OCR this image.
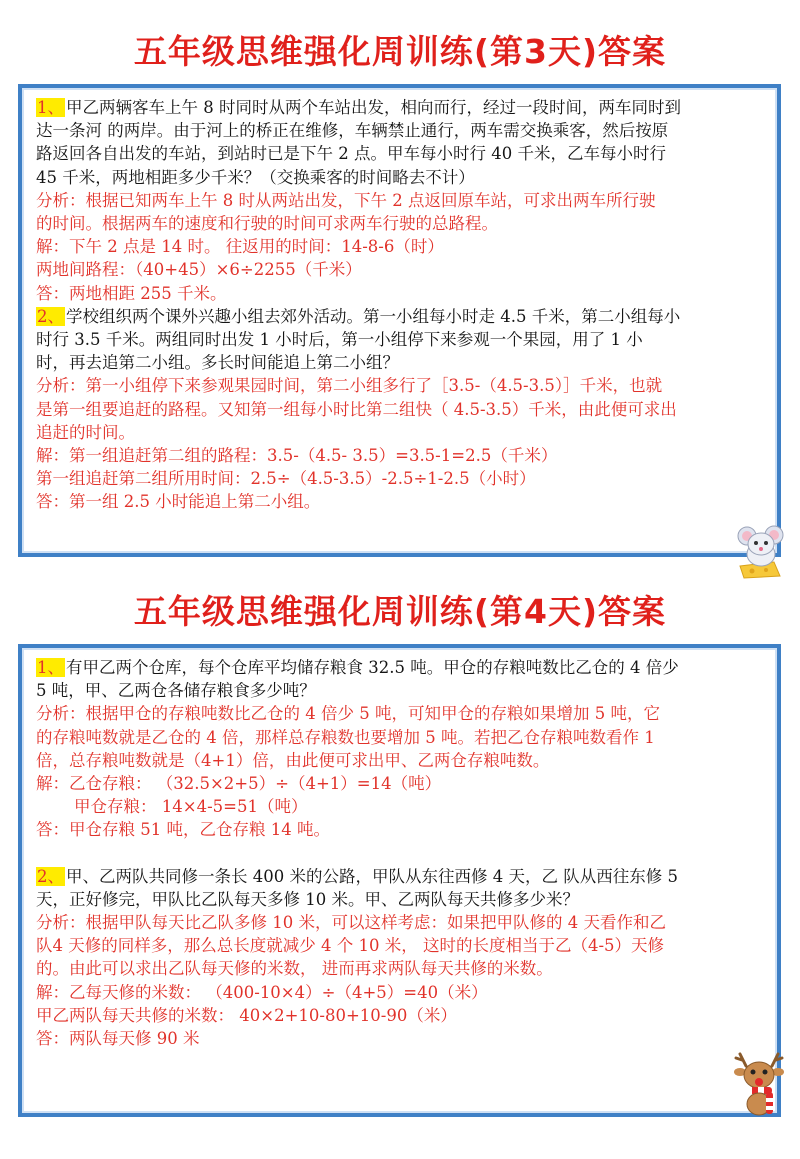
五年级思维强化周训练(第3天)答案
1、 甲乙两辆客车上午 8 时同时从两个车站出发，相向而行，经过一段时间，两车同时到
达一条河 的两岸。由于河上的桥正在维修，车辆禁止通行，两车需交换乘客，然后按原
路返回各自出发的车站，到站时已是下午 2 点。甲车每小时行 40 千米，乙车每小时行
45 千米，两地相距多少千米？（交换乘客的时间略去不计）
分析：根据已知两车上午 8 时从两站出发，下午 2 点返回原车站，可求出两车所行驶
的时间。根据两车的速度和行驶的时间可求两车行驶的总路程。
解：下午 2 点是 14 时。 往返用的时间：14-8-6（时）
两地间路程：（40+45）×6÷2255（千米）
答：两地相距 255 千米。
2、 学校组织两个课外兴趣小组去郊外活动。第一小组每小时走 4.5 千米，第二小组每小
时行 3.5 千米。两组同时出发 1 小时后，第一小组停下来参观一个果园，用了 1 小
时，再去追第二小组。多长时间能追上第二小组？
分析：第一小组停下来参观果园时间，第二小组多行了［3.5-（4.5-3.5）］千米，也就
是第一组要追赶的路程。又知第一组每小时比第二组快（ 4.5-3.5）千米，由此便可求出
追赶的时间。
解：第一组追赶第二组的路程：3.5-（4.5- 3.5）=3.5-1=2.5（千米）
第一组追赶第二组所用时间：2.5÷（4.5-3.5）-2.5÷1-2.5（小时）
答：第一组 2.5 小时能追上第二小组。
五年级思维强化周训练(第4天)答案
1、 有甲乙两个仓库，每个仓库平均储存粮食 32.5 吨。甲仓的存粮吨数比乙仓的 4 倍少
5 吨，甲、乙两仓各储存粮食多少吨？
分析：根据甲仓的存粮吨数比乙仓的 4 倍少 5 吨，可知甲仓的存粮如果增加 5 吨，它
的存粮吨数就是乙仓的 4 倍，那样总存粮数也要增加 5 吨。若把乙仓存粮吨数看作 1
倍，总存粮吨数就是（4+1）倍，由此便可求出甲、乙两仓存粮吨数。
解：乙仓存粮： （32.5×2+5）÷（4+1）=14（吨）
甲仓存粮： 14×4-5=51（吨）
答：甲仓存粮 51 吨，乙仓存粮 14 吨。
2、 甲、乙两队共同修一条长 400 米的公路，甲队从东往西修 4 天，乙 队从西往东修 5
天，正好修完，甲队比乙队每天多修 10 米。甲、乙两队每天共修多少米？
分析：根据甲队每天比乙队多修 10 米，可以这样考虑：如果把甲队修的 4 天看作和乙
队4 天修的同样多，那么总长度就减少 4 个 10 米， 这时的长度相当于乙（4-5）天修
的。由此可以求出乙队每天修的米数， 进而再求两队每天共修的米数。
解：乙每天修的米数： （400-10×4）÷（4+5）=40（米）
甲乙两队每天共修的米数： 40×2+10-80+10-90（米）
答：两队每天修 90 米
